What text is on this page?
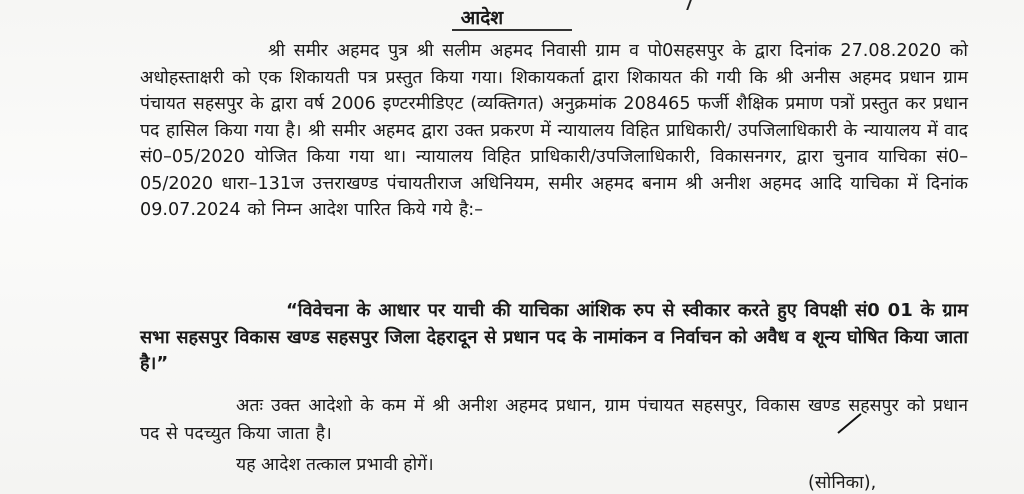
आदेश

श्री समीर अहमद पुत्र श्री सलीम अहमद निवासी ग्राम व पो0सहसपुर के द्वारा दिनांक 27.08.2020 को अधोहस्ताक्षरी को एक शिकायती पत्र प्रस्तुत किया गया। शिकायकर्ता द्वारा शिकायत की गयी कि श्री अनीस अहमद प्रधान ग्राम पंचायत सहसपुर के द्वारा वर्ष 2006 इण्टरमीडिएट (व्यक्तिगत) अनुक्रमांक 208465 फर्जी शैक्षिक प्रमाण पत्रों प्रस्तुत कर प्रधान पद हासिल किया गया है। श्री समीर अहमद द्वारा उक्त प्रकरण में न्यायालय विहित प्राधिकारी/ उपजिलाधिकारी के न्यायालय में वाद सं0–05/2020 योजित किया गया था। न्यायालय विहित प्राधिकारी/उपजिलाधिकारी, विकासनगर, द्वारा चुनाव याचिका सं0–05/2020 धारा–131ज उत्तराखण्ड पंचायतीराज अधिनियम, समीर अहमद बनाम श्री अनीश अहमद आदि याचिका में दिनांक 09.07.2024 को निम्न आदेश पारित किये गये है:–

“विवेचना के आधार पर याची की याचिका आंशिक रुप से स्वीकार करते हुए विपक्षी सं0 01 के ग्राम सभा सहसपुर विकास खण्ड सहसपुर जिला देहरादून से प्रधान पद के नामांकन व निर्वाचन को अवैध व शून्य घोषित किया जाता है।”

अतः उक्त आदेशो के कम में श्री अनीश अहमद प्रधान, ग्राम पंचायत सहसपुर, विकास खण्ड सहसपुर को प्रधान पद से पदच्युत किया जाता है।

यह आदेश तत्काल प्रभावी होगें।

(सोनिका),
